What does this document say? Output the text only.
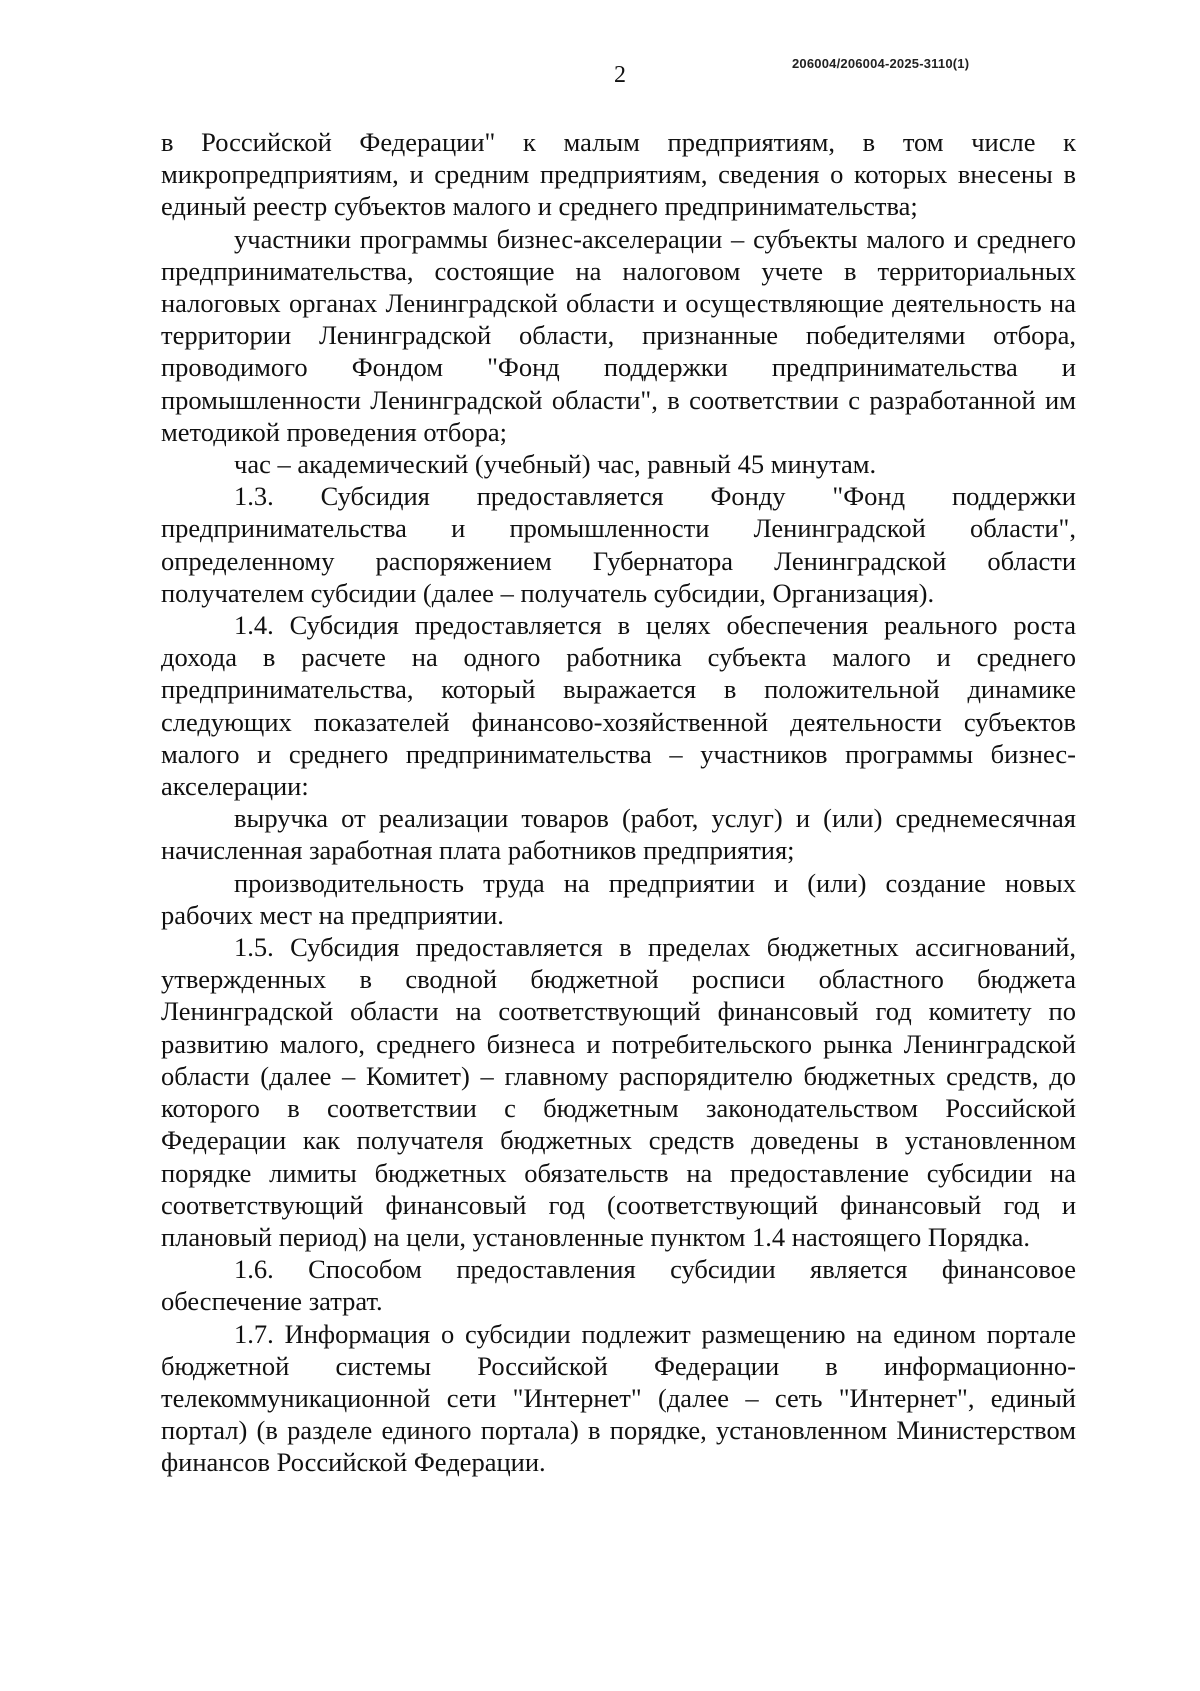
206004/206004-2025-3110(1)
2

в Российской Федерации" к малым предприятиям, в том числе к микропредприятиям, и средним предприятиям, сведения о которых внесены в единый реестр субъектов малого и среднего предпринимательства;

участники программы бизнес-акселерации – субъекты малого и среднего предпринимательства, состоящие на налоговом учете в территориальных налоговых органах Ленинградской области и осуществляющие деятельность на территории Ленинградской области, признанные победителями отбора, проводимого Фондом "Фонд поддержки предпринимательства и промышленности Ленинградской области", в соответствии с разработанной им методикой проведения отбора;

час – академический (учебный) час, равный 45 минутам.

1.3. Субсидия предоставляется Фонду "Фонд поддержки предпринимательства и промышленности Ленинградской области", определенному распоряжением Губернатора Ленинградской области получателем субсидии (далее – получатель субсидии, Организация).

1.4. Субсидия предоставляется в целях обеспечения реального роста дохода в расчете на одного работника субъекта малого и среднего предпринимательства, который выражается в положительной динамике следующих показателей финансово-хозяйственной деятельности субъектов малого и среднего предпринимательства – участников программы бизнес-акселерации:

выручка от реализации товаров (работ, услуг) и (или) среднемесячная начисленная заработная плата работников предприятия;

производительность труда на предприятии и (или) создание новых рабочих мест на предприятии.

1.5. Субсидия предоставляется в пределах бюджетных ассигнований, утвержденных в сводной бюджетной росписи областного бюджета Ленинградской области на соответствующий финансовый год комитету по развитию малого, среднего бизнеса и потребительского рынка Ленинградской области (далее – Комитет) – главному распорядителю бюджетных средств, до которого в соответствии с бюджетным законодательством Российской Федерации как получателя бюджетных средств доведены в установленном порядке лимиты бюджетных обязательств на предоставление субсидии на соответствующий финансовый год (соответствующий финансовый год и плановый период) на цели, установленные пунктом 1.4 настоящего Порядка.

1.6. Способом предоставления субсидии является финансовое обеспечение затрат.

1.7. Информация о субсидии подлежит размещению на едином портале бюджетной системы Российской Федерации в информационно-телекоммуникационной сети "Интернет" (далее – сеть "Интернет", единый портал) (в разделе единого портала) в порядке, установленном Министерством финансов Российской Федерации.
